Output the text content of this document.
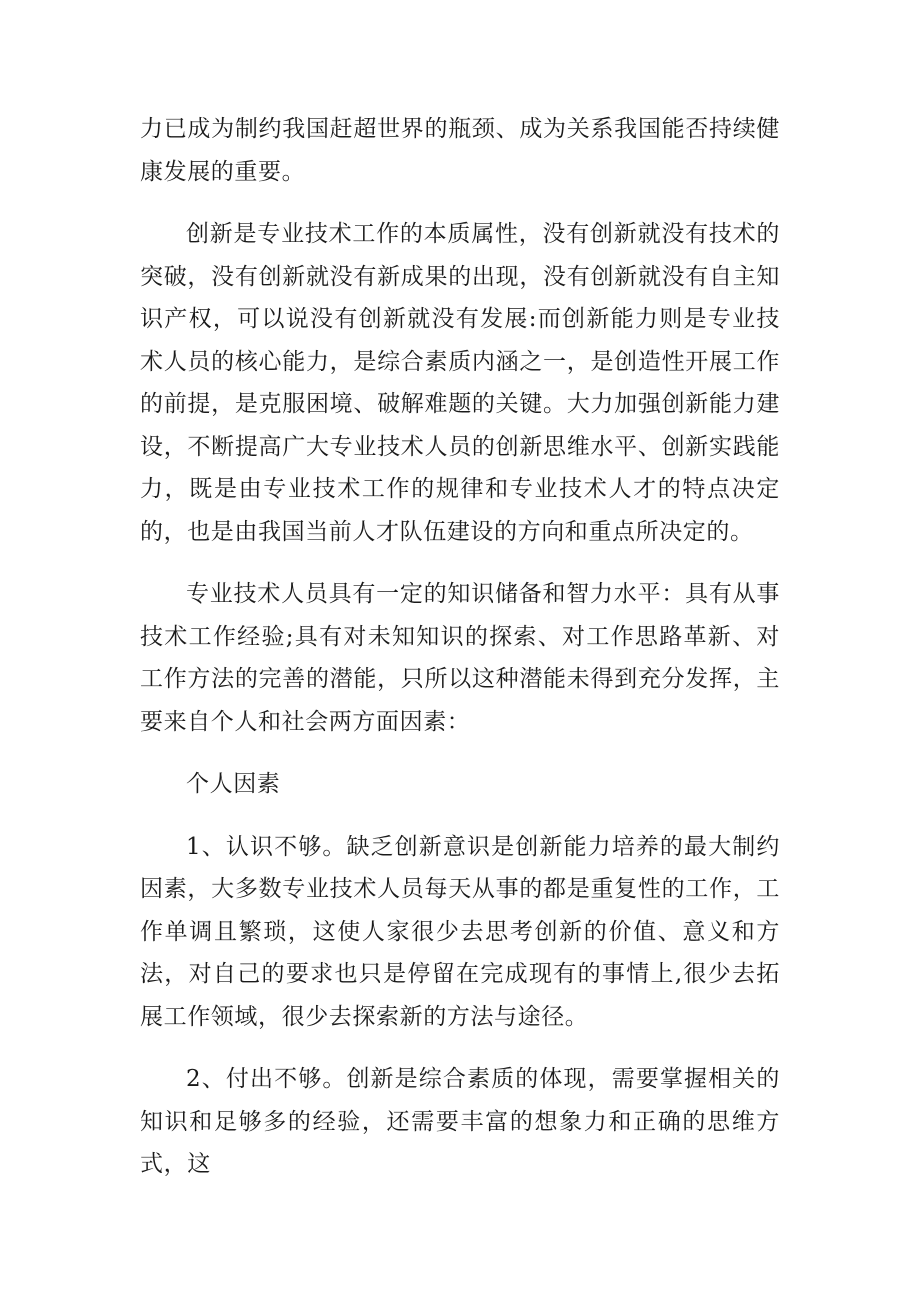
力已成为制约我国赶超世界的瓶颈、成为关系我国能否持续健康发展的重要。

创新是专业技术工作的本质属性，没有创新就没有技术的突破，没有创新就没有新成果的出现，没有创新就没有自主知识产权，可以说没有创新就没有发展:而创新能力则是专业技术人员的核心能力，是综合素质内涵之一，是创造性开展工作的前提，是克服困境、破解难题的关键。大力加强创新能力建设，不断提高广大专业技术人员的创新思维水平、创新实践能力，既是由专业技术工作的规律和专业技术人才的特点决定的，也是由我国当前人才队伍建设的方向和重点所决定的。

专业技术人员具有一定的知识储备和智力水平：具有从事技术工作经验;具有对未知知识的探索、对工作思路革新、对工作方法的完善的潜能，只所以这种潜能未得到充分发挥，主要来自个人和社会两方面因素：

个人因素

1、认识不够。缺乏创新意识是创新能力培养的最大制约因素，大多数专业技术人员每天从事的都是重复性的工作，工作单调且繁琐，这使人家很少去思考创新的价值、意义和方法，对自己的要求也只是停留在完成现有的事情上,很少去拓展工作领域，很少去探索新的方法与途径。

2、付出不够。创新是综合素质的体现，需要掌握相关的知识和足够多的经验，还需要丰富的想象力和正确的思维方式，这
